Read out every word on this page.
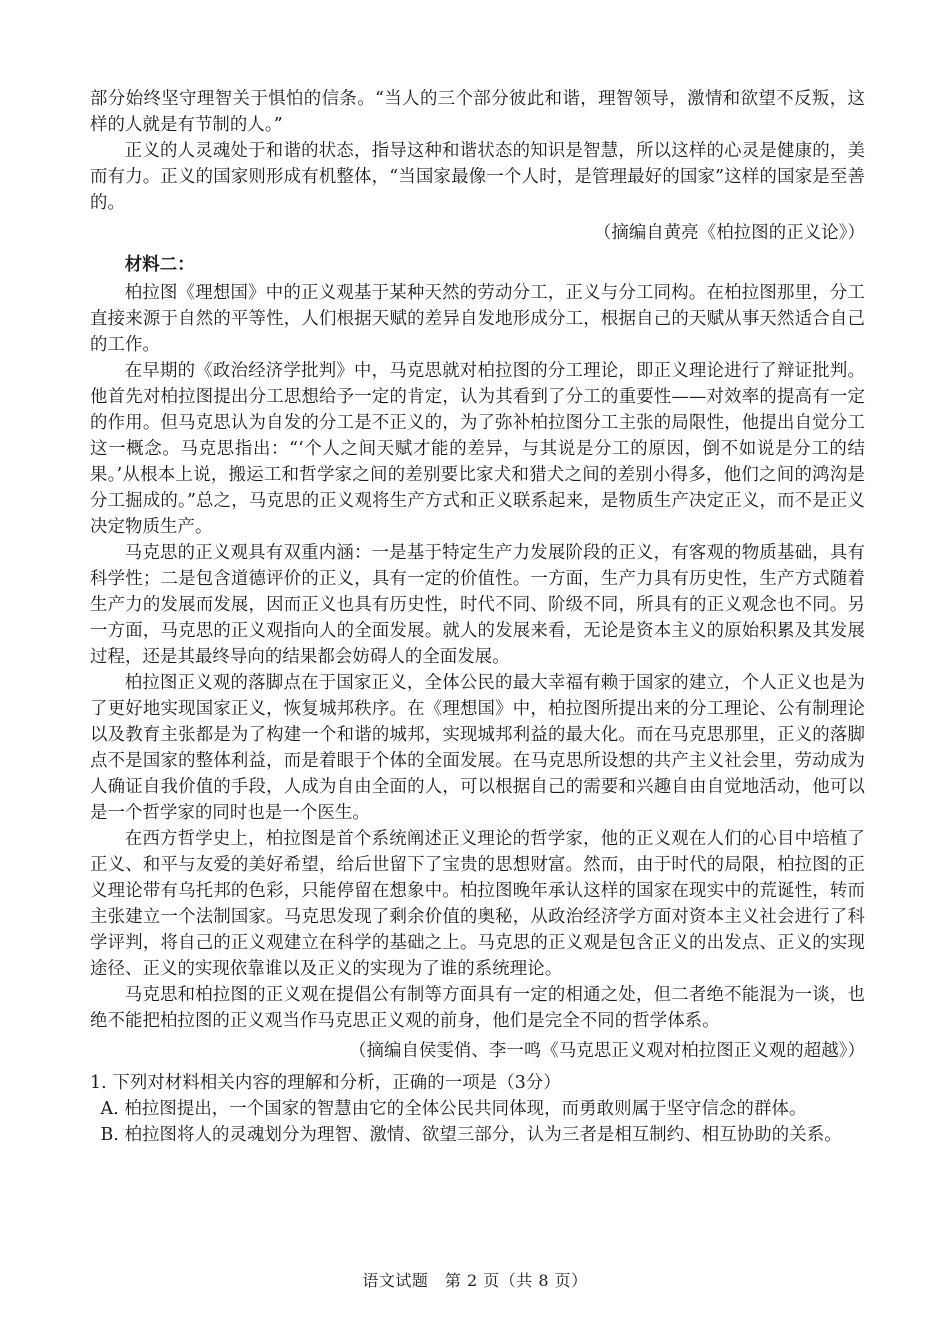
部分始终坚守理智关于惧怕的信条。“当人的三个部分彼此和谐，理智领导，激情和欲望不反叛，这样的人就是有节制的人。”

正义的人灵魂处于和谐的状态，指导这种和谐状态的知识是智慧，所以这样的心灵是健康的，美而有力。正义的国家则形成有机整体，“当国家最像一个人时，是管理最好的国家”这样的国家是至善的。

（摘编自黄亮《柏拉图的正义论》）

材料二：

柏拉图《理想国》中的正义观基于某种天然的劳动分工，正义与分工同构。在柏拉图那里，分工直接来源于自然的平等性，人们根据天赋的差异自发地形成分工，根据自己的天赋从事天然适合自己的工作。

在早期的《政治经济学批判》中，马克思就对柏拉图的分工理论，即正义理论进行了辩证批判。他首先对柏拉图提出分工思想给予一定的肯定，认为其看到了分工的重要性——对效率的提高有一定的作用。但马克思认为自发的分工是不正义的，为了弥补柏拉图分工主张的局限性，他提出自觉分工这一概念。马克思指出：“‘个人之间天赋才能的差异，与其说是分工的原因，倒不如说是分工的结果。’从根本上说，搬运工和哲学家之间的差别要比家犬和猎犬之间的差别小得多，他们之间的鸿沟是分工掘成的。”总之，马克思的正义观将生产方式和正义联系起来，是物质生产决定正义，而不是正义决定物质生产。

马克思的正义观具有双重内涵：一是基于特定生产力发展阶段的正义，有客观的物质基础，具有科学性；二是包含道德评价的正义，具有一定的价值性。一方面，生产力具有历史性，生产方式随着生产力的发展而发展，因而正义也具有历史性，时代不同、阶级不同，所具有的正义观念也不同。另一方面，马克思的正义观指向人的全面发展。就人的发展来看，无论是资本主义的原始积累及其发展过程，还是其最终导向的结果都会妨碍人的全面发展。

柏拉图正义观的落脚点在于国家正义，全体公民的最大幸福有赖于国家的建立，个人正义也是为了更好地实现国家正义，恢复城邦秩序。在《理想国》中，柏拉图所提出来的分工理论、公有制理论以及教育主张都是为了构建一个和谐的城邦，实现城邦利益的最大化。而在马克思那里，正义的落脚点不是国家的整体利益，而是着眼于个体的全面发展。在马克思所设想的共产主义社会里，劳动成为人确证自我价值的手段，人成为自由全面的人，可以根据自己的需要和兴趣自由自觉地活动，他可以是一个哲学家的同时也是一个医生。

在西方哲学史上，柏拉图是首个系统阐述正义理论的哲学家，他的正义观在人们的心目中培植了正义、和平与友爱的美好希望，给后世留下了宝贵的思想财富。然而，由于时代的局限，柏拉图的正义理论带有乌托邦的色彩，只能停留在想象中。柏拉图晚年承认这样的国家在现实中的荒诞性，转而主张建立一个法制国家。马克思发现了剩余价值的奥秘，从政治经济学方面对资本主义社会进行了科学评判，将自己的正义观建立在科学的基础之上。马克思的正义观是包含正义的出发点、正义的实现途径、正义的实现依靠谁以及正义的实现为了谁的系统理论。

马克思和柏拉图的正义观在提倡公有制等方面具有一定的相通之处，但二者绝不能混为一谈，也绝不能把柏拉图的正义观当作马克思正义观的前身，他们是完全不同的哲学体系。

（摘编自侯雯俏、李一鸣《马克思正义观对柏拉图正义观的超越》）

1. 下列对材料相关内容的理解和分析，正确的一项是（3分）

A. 柏拉图提出，一个国家的智慧由它的全体公民共同体现，而勇敢则属于坚守信念的群体。

B. 柏拉图将人的灵魂划分为理智、激情、欲望三部分，认为三者是相互制约、相互协助的关系。

语文试题　第 2 页（共 8 页）
